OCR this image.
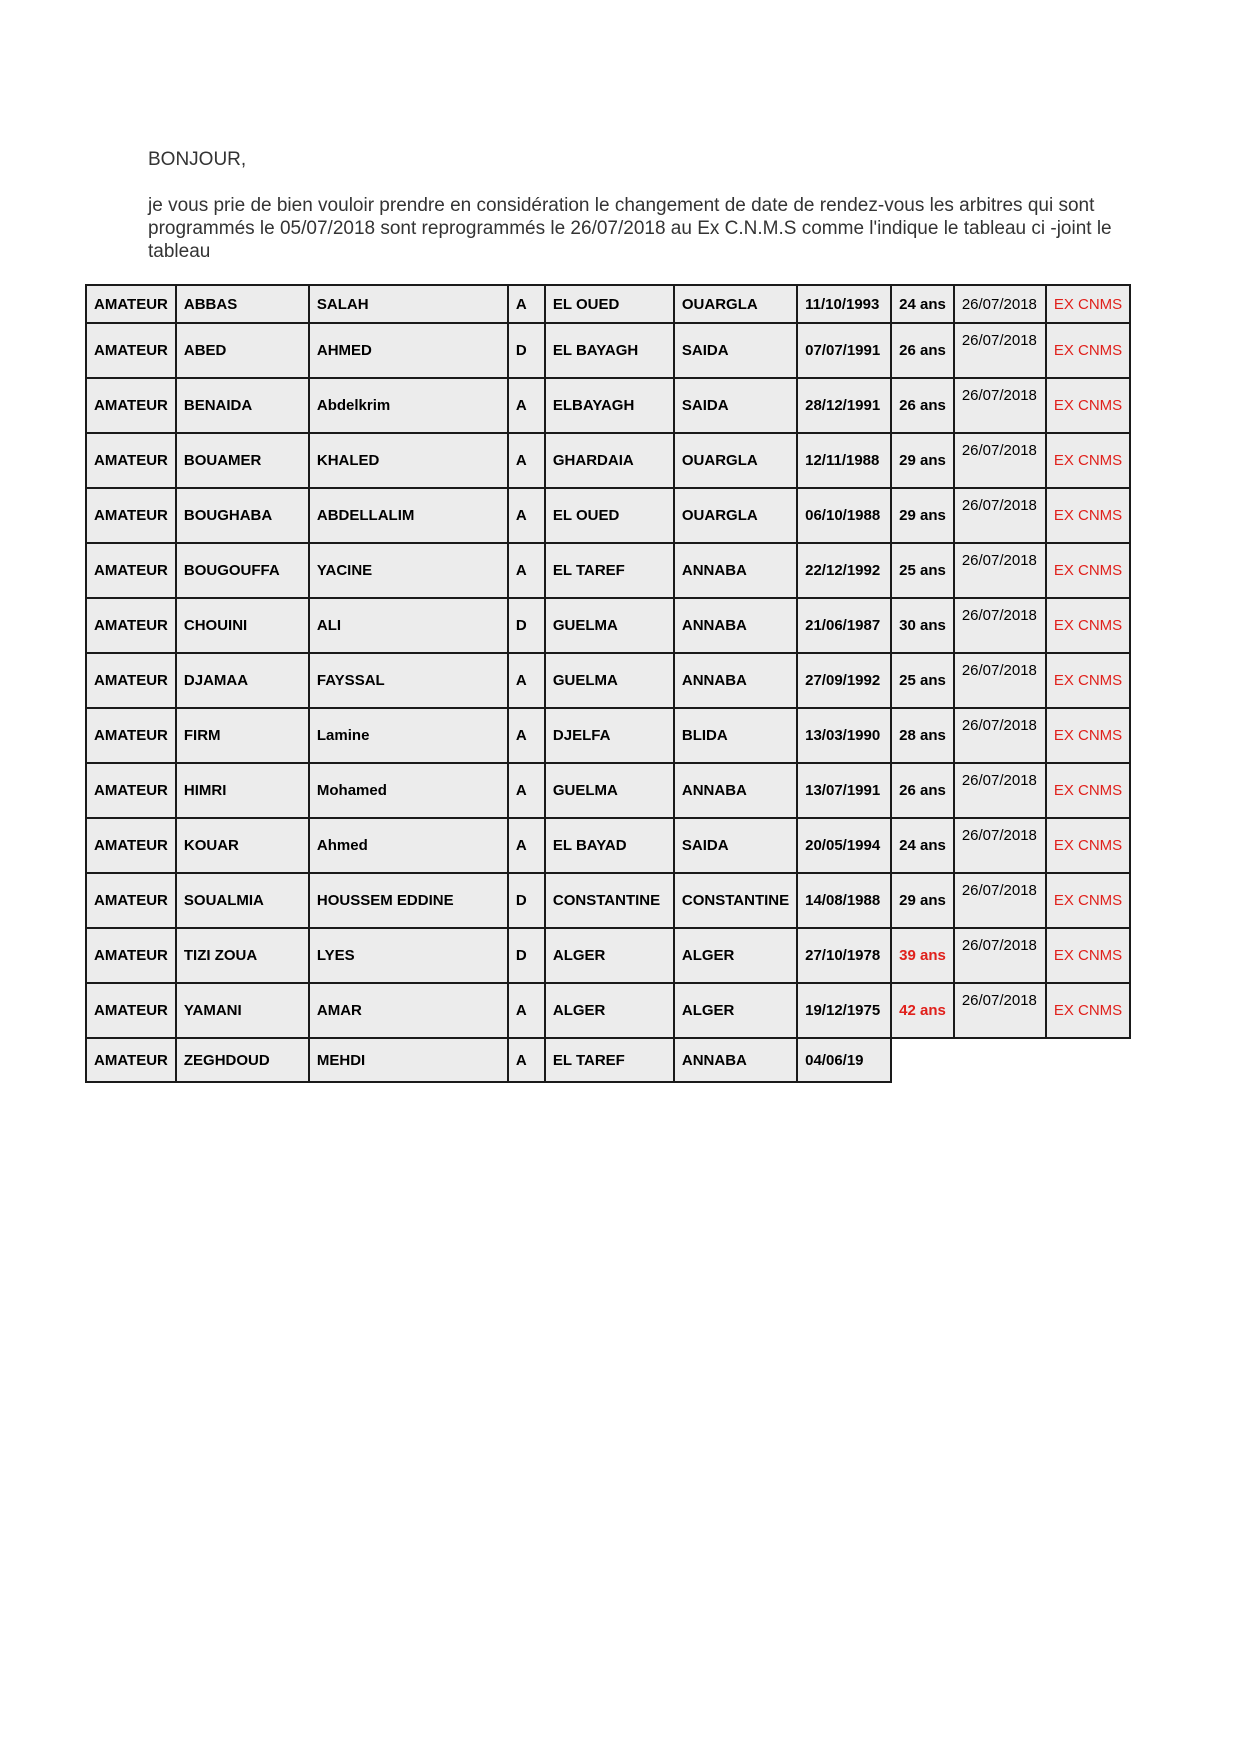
BONJOUR,

je vous prie de bien vouloir prendre en considération le changement de date de rendez-vous les arbitres qui sont programmés le 05/07/2018 sont reprogrammés le 26/07/2018 au Ex C.N.M.S comme l'indique le tableau ci -joint le tableau

AMATEUR	ABBAS	SALAH	A	EL OUED	OUARGLA	11/10/1993	24 ans	26/07/2018	EX CNMS
AMATEUR	ABED	AHMED	D	EL BAYAGH	SAIDA	07/07/1991	26 ans	26/07/2018	EX CNMS
AMATEUR	BENAIDA	Abdelkrim	A	ELBAYAGH	SAIDA	28/12/1991	26 ans	26/07/2018	EX CNMS
AMATEUR	BOUAMER	KHALED	A	GHARDAIA	OUARGLA	12/11/1988	29 ans	26/07/2018	EX CNMS
AMATEUR	BOUGHABA	ABDELLALIM	A	EL OUED	OUARGLA	06/10/1988	29 ans	26/07/2018	EX CNMS
AMATEUR	BOUGOUFFA	YACINE	A	EL TAREF	ANNABA	22/12/1992	25 ans	26/07/2018	EX CNMS
AMATEUR	CHOUINI	ALI	D	GUELMA	ANNABA	21/06/1987	30 ans	26/07/2018	EX CNMS
AMATEUR	DJAMAA	FAYSSAL	A	GUELMA	ANNABA	27/09/1992	25 ans	26/07/2018	EX CNMS
AMATEUR	FIRM	Lamine	A	DJELFA	BLIDA	13/03/1990	28 ans	26/07/2018	EX CNMS
AMATEUR	HIMRI	Mohamed	A	GUELMA	ANNABA	13/07/1991	26 ans	26/07/2018	EX CNMS
AMATEUR	KOUAR	Ahmed	A	EL BAYAD	SAIDA	20/05/1994	24 ans	26/07/2018	EX CNMS
AMATEUR	SOUALMIA	HOUSSEM EDDINE	D	CONSTANTINE	CONSTANTINE	14/08/1988	29 ans	26/07/2018	EX CNMS
AMATEUR	TIZI ZOUA	LYES	D	ALGER	ALGER	27/10/1978	39 ans	26/07/2018	EX CNMS
AMATEUR	YAMANI	AMAR	A	ALGER	ALGER	19/12/1975	42 ans	26/07/2018	EX CNMS
AMATEUR	ZEGHDOUD	MEHDI	A	EL TAREF	ANNABA	04/06/19			
